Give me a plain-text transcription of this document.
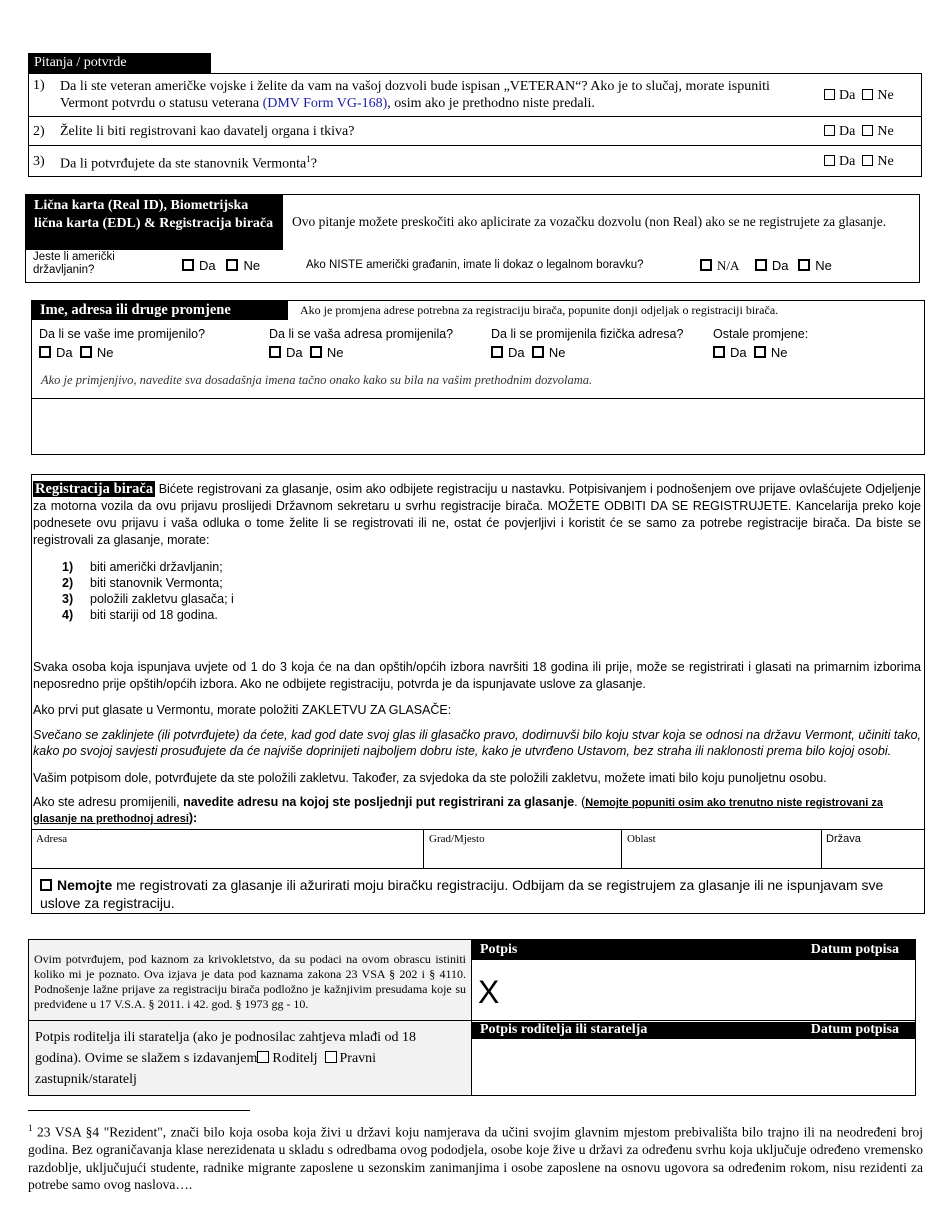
Pitanja / potvrde
1) Da li ste veteran američke vojske i želite da vam na vašoj dozvoli bude ispisan „VETERAN“? Ako je to slučaj, morate ispuniti Vermont potvrdu o statusu veterana (DMV Form VG-168), osim ako je prethodno niste predali.
Da Ne
2) Želite li biti registrovani kao davatelj organa i tkiva?	Da Ne
3) Da li potvrđujete da ste stanovnik Vermonta$^1$?	Da Ne
Lična karta (Real ID), Biometrijska lična karta (EDL) & Registracija birača	Ovo pitanje možete preskočiti ako aplicirate za vozačku dozvolu (non Real) ako se ne registrujete za glasanje.
Jeste li američki državljanin?	Da Ne	Ako NISTE američki građanin, imate li dokaz o legalnom boravku?	N/A	Da Ne
Ime, adresa ili druge promjene	Ako je promjena adrese potrebna za registraciju birača, popunite donji odjeljak o registraciji birača.
Da li se vaše ime promijenilo?
Da Ne
Da li se vaša adresa promijenila?
Da Ne
Da li se promijenila fizička adresa?
Da Ne
Ostale promjene:
Da Ne
Ako je primjenjivo, navedite sva dosadašnja imena tačno onako kako su bila na vašim prethodnim dozvolama.
Registracija birača Bićete registrovani za glasanje, osim ako odbijete registraciju u nastavku. Potpisivanjem i podnošenjem ove prijave ovlašćujete Odjeljenje za motorna vozila da ovu prijavu proslijedi Državnom sekretaru u svrhu registracije birača. MOŽETE ODBITI DA SE REGISTRUJETE. Kancelarija preko koje podnesete ovu prijavu i vaša odluka o tome želite li se registrovati ili ne, ostat će povjerljivi i koristit će se samo za potrebe registracije birača. Da biste se registrovali za glasanje, morate:
1)	biti američki državljanin;
2)	biti stanovnik Vermonta;
3)	položili zakletvu glasača; i
4)	biti stariji od 18 godina.
Svaka osoba koja ispunjava uvjete od 1 do 3 koja će na dan opštih/općih izbora navršiti 18 godina ili prije, može se registrirati i glasati na primarnim izborima neposredno prije opštih/općih izbora. Ako ne odbijete registraciju, potvrda je da ispunjavate uslove za glasanje.
Ako prvi put glasate u Vermontu, morate položiti ZAKLETVU ZA GLASAČE:
Svečano se zaklinjete (ili potvrđujete) da ćete, kad god date svoj glas ili glasačko pravo, dodirnuvši bilo koju stvar koja se odnosi na državu Vermont, učiniti tako, kako po svojoj savjesti prosuđujete da će najviše doprinijeti najboljem dobru iste, kako je utvrđeno Ustavom, bez straha ili naklonosti prema bilo kojoj osobi.
Vašim potpisom dole, potvrđujete da ste položili zakletvu. Također, za svjedoka da ste položili zakletvu, možete imati bilo koju punoljetnu osobu.
Ako ste adresu promijenili, navedite adresu na kojoj ste posljednji put registrirani za glasanje. (Nemojte popuniti osim ako trenutno niste registrovani za glasanje na prethodnoj adresi):
Adresa	Grad/Mjesto	Oblast	Država
Nemojte me registrovati za glasanje ili ažurirati moju biračku registraciju. Odbijam da se registrujem za glasanje ili ne ispunjavam sve uslove za registraciju.
Ovim potvrđujem, pod kaznom za krivokletstvo, da su podaci na ovom obrascu istiniti koliko mi je poznato. Ova izjava je data pod kaznama zakona 23 VSA § 202 i § 4110. Podnošenje lažne prijave za registraciju birača podložno je kažnjivim presudama koje su predviđene u 17 V.S.A. § 2011. i 42. god. § 1973 gg - 10.
Potpis	Datum potpisa
X
Potpis roditelja ili staratelja (ako je podnosilac zahtjeva mlađi od 18 godina). Ovime se slažem s izdavanjem Roditelj Pravni zastupnik/staratelj
Potpis roditelja ili staratelja	Datum potpisa
$^1$ 23 VSA §4 "Rezident", znači bilo koja osoba koja živi u državi koju namjerava da učini svojim glavnim mjestom prebivališta bilo trajno ili na neodređeni broj godina. Bez ograničavanja klase nerezidenata u skladu s odredbama ovog pododjela, osobe koje žive u državi za određenu svrhu koja uključuje određeno vremensko razdoblje, uključujući studente, radnike migrante zaposlene u sezonskim zanimanjima i osobe zaposlene na osnovu ugovora sa određenim rokom, nisu rezidenti za potrebe samo ovog naslova….
